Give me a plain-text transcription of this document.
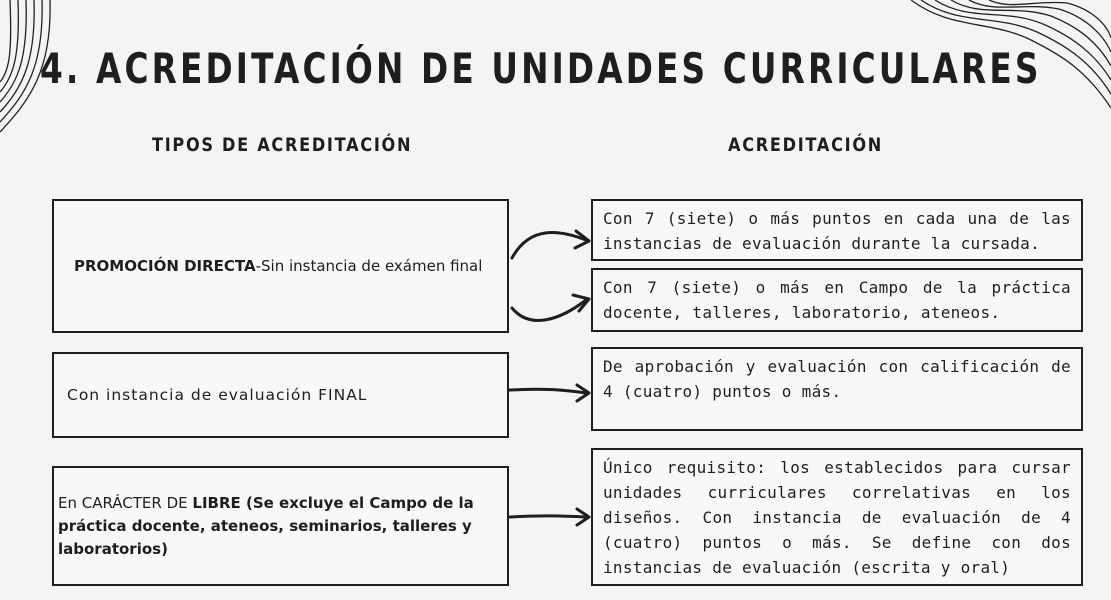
4. ACREDITACIÓN DE UNIDADES CURRICULARES
TIPOS DE ACREDITACIÓN	ACREDITACIÓN
PROMOCIÓN DIRECTA-Sin instancia de exámen final
Con instancia de evaluación FINAL
En CARÁCTER DE LIBRE (Se excluye el Campo de la práctica docente, ateneos, seminarios, talleres y laboratorios)

Con 7 (siete) o más puntos en cada una de las instancias de evaluación durante la cursada.

Con 7 (siete) o más en Campo de la práctica docente, talleres, laboratorio, ateneos.

De aprobación y evaluación con calificación de 4 (cuatro) puntos o más.

Único requisito: los establecidos para cursar unidades curriculares correlativas en los diseños. Con instancia de evaluación de 4 (cuatro) puntos o más. Se define con dos instancias de evaluación (escrita y oral)
